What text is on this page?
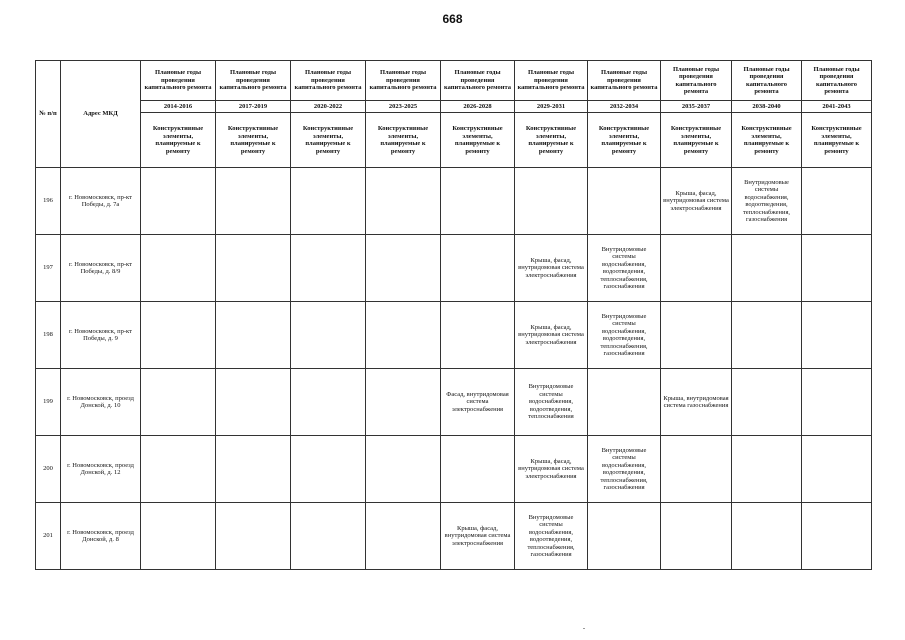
668
№ п/п	Адрес МКД	Плановые годы проведения капитального ремонта	Плановые годы проведения капитального ремонта	Плановые годы проведения капитального ремонта	Плановые годы проведения капитального ремонта	Плановые годы проведения капитального ремонта	Плановые годы проведения капитального ремонта	Плановые годы проведения капитального ремонта	Плановые годы проведения капитального ремонта	Плановые годы проведения капитального ремонта	Плановые годы проведения капитального ремонта
		2014-2016	2017-2019	2020-2022	2023-2025	2026-2028	2029-2031	2032-2034	2035-2037	2038-2040	2041-2043
		Конструктивные элементы, планируемые к ремонту	Конструктивные элементы, планируемые к ремонту	Конструктивные элементы, планируемые к ремонту	Конструктивные элементы, планируемые к ремонту	Конструктивные элементы, планируемые к ремонту	Конструктивные элементы, планируемые к ремонту	Конструктивные элементы, планируемые к ремонту	Конструктивные элементы, планируемые к ремонту	Конструктивные элементы, планируемые к ремонту	Конструктивные элементы, планируемые к ремонту
196	г. Новомосковск, пр-кт Победы, д. 7а								Крыша, фасад, внутридомовая система электроснабжения	Внутридомовые системы водоснабжения, водоотведения, теплоснабжения, газоснабжения	
197	г. Новомосковск, пр-кт Победы, д. 8/9						Крыша, фасад, внутридомовая система электроснабжения	Внутридомовые системы водоснабжения, водоотведения, теплоснабжения, газоснабжения			
198	г. Новомосковск, пр-кт Победы, д. 9						Крыша, фасад, внутридомовая система электроснабжения	Внутридомовые системы водоснабжения, водоотведения, теплоснабжения, газоснабжения			
199	г. Новомосковск, проезд Донской, д. 10					Фасад, внутридомовая система электроснабжения	Внутридомовые системы водоснабжения, водоотведения, теплоснабжения		Крыша, внутридомовая система газоснабжения		
200	г. Новомосковск, проезд Донской, д. 12						Крыша, фасад, внутридомовая система электроснабжения	Внутридомовые системы водоснабжения, водоотведения, теплоснабжения, газоснабжения			
201	г. Новомосковск, проезд Донской, д. 8					Крыша, фасад, внутридомовая система электроснабжения	Внутридомовые системы водоснабжения, водоотведения, теплоснабжения, газоснабжения				
